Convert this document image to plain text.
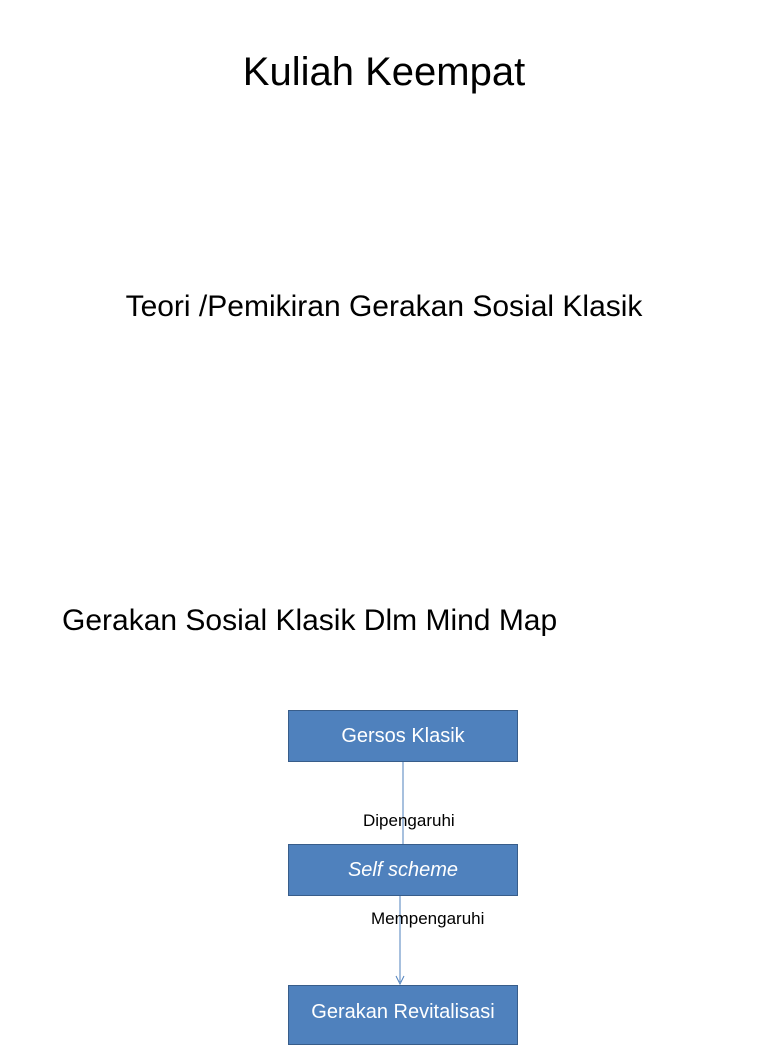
Kuliah Keempat
Teori /Pemikiran Gerakan Sosial Klasik
Gerakan Sosial Klasik Dlm Mind Map
Gersos Klasik
Dipengaruhi
Self scheme
Mempengaruhi
Gerakan Revitalisasi
